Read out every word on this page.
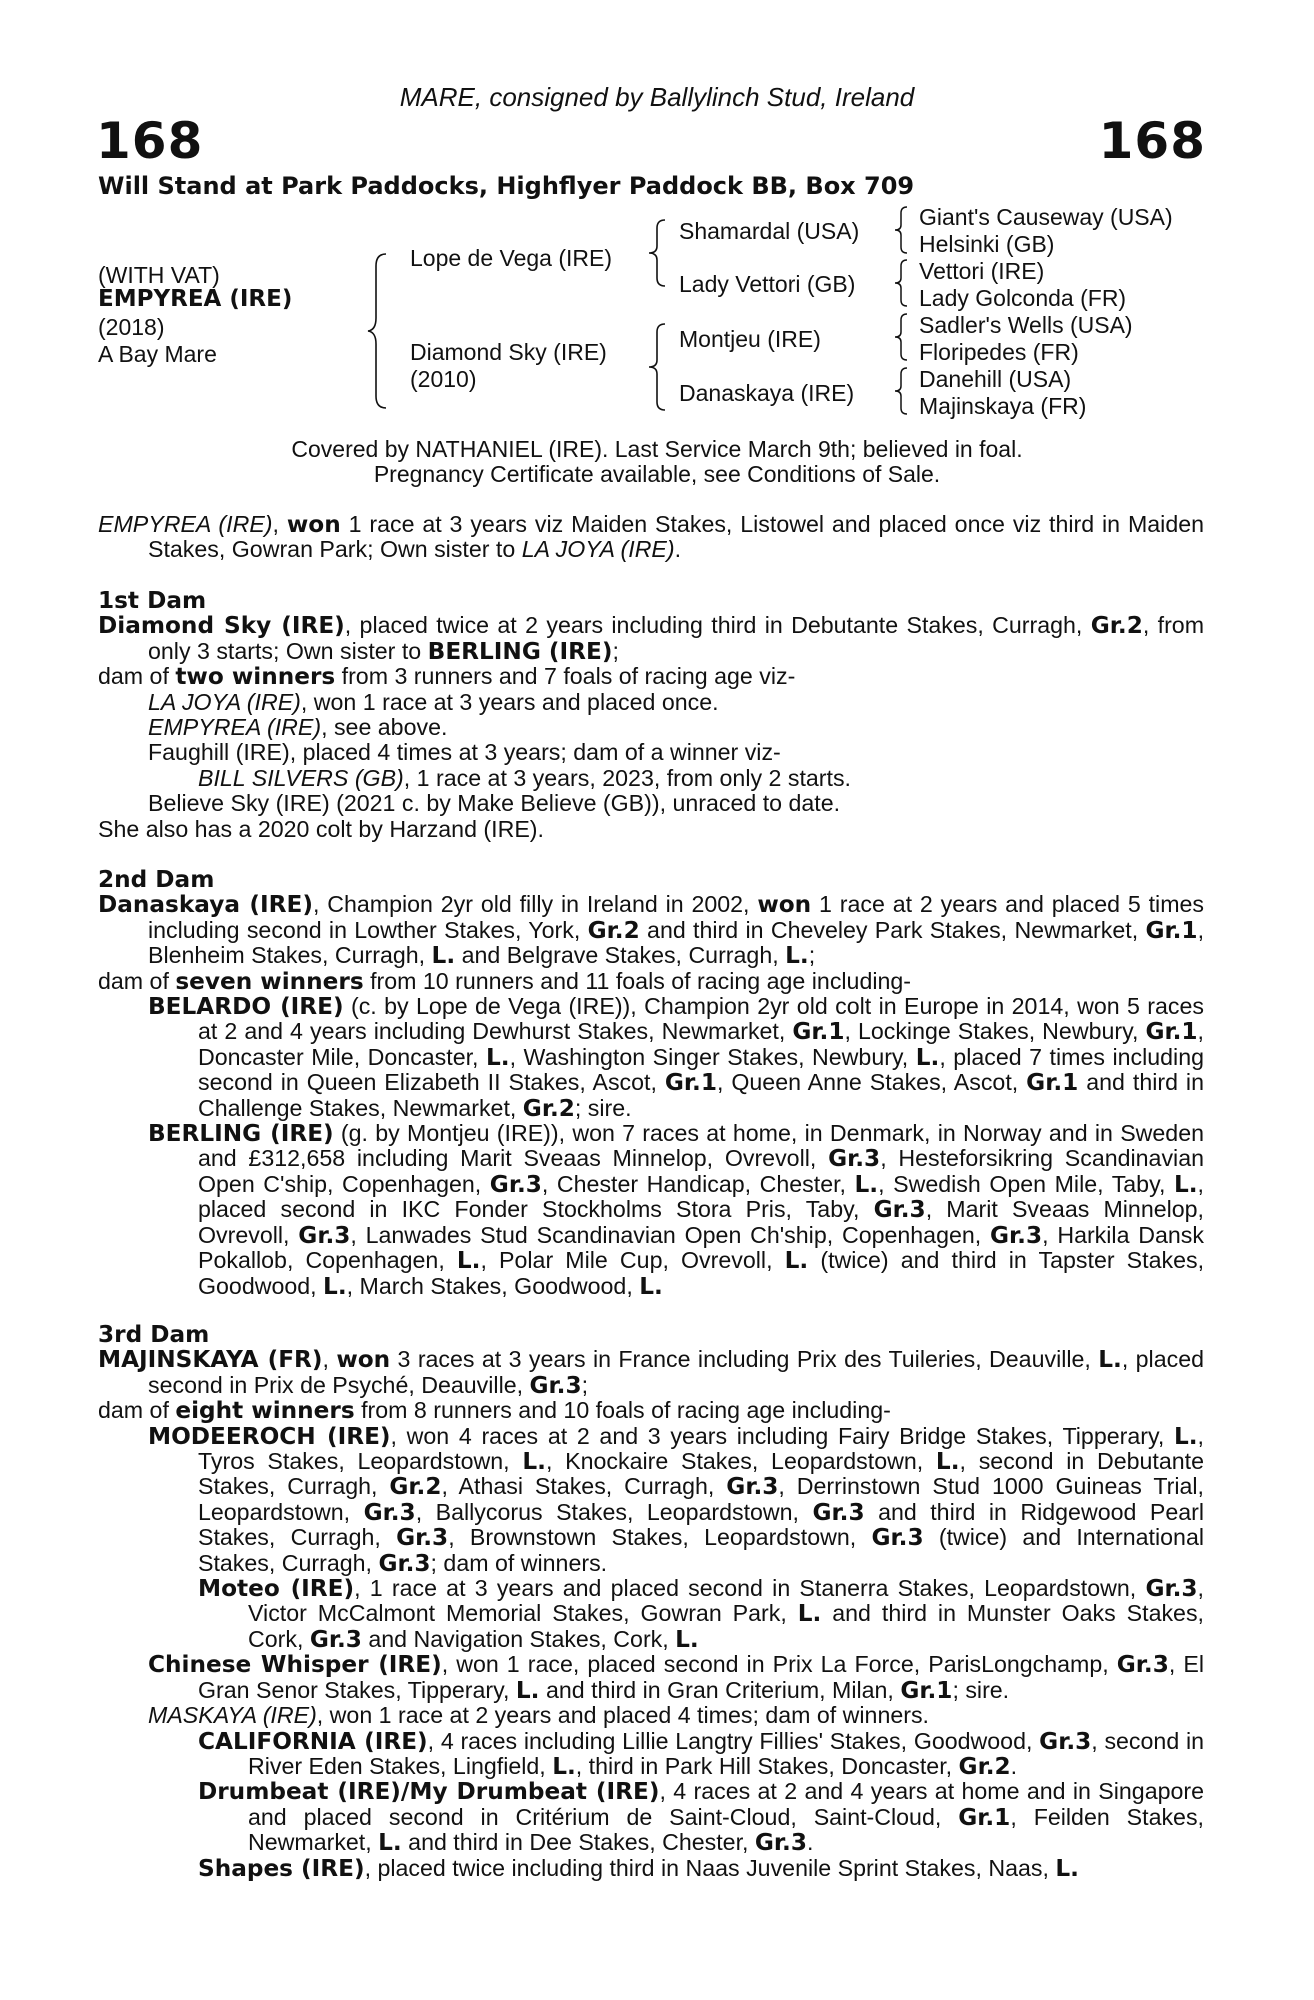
MARE, consigned by Ballylinch Stud, Ireland
168	168
Will Stand at Park Paddocks, Highflyer Paddock BB, Box 709
(WITH VAT)
EMPYREA (IRE)
(2018)
A Bay Mare
Lope de Vega (IRE)
Diamond Sky (IRE)
(2010)
Shamardal (USA)
Lady Vettori (GB)
Montjeu (IRE)
Danaskaya (IRE)
Giant's Causeway (USA)
Helsinki (GB)
Vettori (IRE)
Lady Golconda (FR)
Sadler's Wells (USA)
Floripedes (FR)
Danehill (USA)
Majinskaya (FR)
Covered by NATHANIEL (IRE). Last Service March 9th; believed in foal.
Pregnancy Certificate available, see Conditions of Sale.

EMPYREA (IRE), won 1 race at 3 years viz Maiden Stakes, Listowel and placed once viz third in Maiden Stakes, Gowran Park; Own sister to LA JOYA (IRE).

1st Dam

Diamond Sky (IRE), placed twice at 2 years including third in Debutante Stakes, Curragh, Gr.2, from only 3 starts; Own sister to BERLING (IRE);

dam of two winners from 3 runners and 7 foals of racing age viz-

LA JOYA (IRE), won 1 race at 3 years and placed once.

EMPYREA (IRE), see above.

Faughill (IRE), placed 4 times at 3 years; dam of a winner viz-

BILL SILVERS (GB), 1 race at 3 years, 2023, from only 2 starts.

Believe Sky (IRE) (2021 c. by Make Believe (GB)), unraced to date.

She also has a 2020 colt by Harzand (IRE).

2nd Dam

Danaskaya (IRE), Champion 2yr old filly in Ireland in 2002, won 1 race at 2 years and placed 5 times including second in Lowther Stakes, York, Gr.2 and third in Cheveley Park Stakes, Newmarket, Gr.1, Blenheim Stakes, Curragh, L. and Belgrave Stakes, Curragh, L.;

dam of seven winners from 10 runners and 11 foals of racing age including-

BELARDO (IRE) (c. by Lope de Vega (IRE)), Champion 2yr old colt in Europe in 2014, won 5 races at 2 and 4 years including Dewhurst Stakes, Newmarket, Gr.1, Lockinge Stakes, Newbury, Gr.1, Doncaster Mile, Doncaster, L., Washington Singer Stakes, Newbury, L., placed 7 times including second in Queen Elizabeth II Stakes, Ascot, Gr.1, Queen Anne Stakes, Ascot, Gr.1 and third in Challenge Stakes, Newmarket, Gr.2; sire.

BERLING (IRE) (g. by Montjeu (IRE)), won 7 races at home, in Denmark, in Norway and in Sweden and £312,658 including Marit Sveaas Minnelop, Ovrevoll, Gr.3, Hesteforsikring Scandinavian Open C'ship, Copenhagen, Gr.3, Chester Handicap, Chester, L., Swedish Open Mile, Taby, L., placed second in IKC Fonder Stockholms Stora Pris, Taby, Gr.3, Marit Sveaas Minnelop, Ovrevoll, Gr.3, Lanwades Stud Scandinavian Open Ch'ship, Copenhagen, Gr.3, Harkila Dansk Pokallob, Copenhagen, L., Polar Mile Cup, Ovrevoll, L. (twice) and third in Tapster Stakes, Goodwood, L., March Stakes, Goodwood, L.

3rd Dam

MAJINSKAYA (FR), won 3 races at 3 years in France including Prix des Tuileries, Deauville, L., placed second in Prix de Psyché, Deauville, Gr.3;

dam of eight winners from 8 runners and 10 foals of racing age including-

MODEEROCH (IRE), won 4 races at 2 and 3 years including Fairy Bridge Stakes, Tipperary, L., Tyros Stakes, Leopardstown, L., Knockaire Stakes, Leopardstown, L., second in Debutante Stakes, Curragh, Gr.2, Athasi Stakes, Curragh, Gr.3, Derrinstown Stud 1000 Guineas Trial, Leopardstown, Gr.3, Ballycorus Stakes, Leopardstown, Gr.3 and third in Ridgewood Pearl Stakes, Curragh, Gr.3, Brownstown Stakes, Leopardstown, Gr.3 (twice) and International Stakes, Curragh, Gr.3; dam of winners.

Moteo (IRE), 1 race at 3 years and placed second in Stanerra Stakes, Leopardstown, Gr.3, Victor McCalmont Memorial Stakes, Gowran Park, L. and third in Munster Oaks Stakes, Cork, Gr.3 and Navigation Stakes, Cork, L.

Chinese Whisper (IRE), won 1 race, placed second in Prix La Force, ParisLongchamp, Gr.3, El Gran Senor Stakes, Tipperary, L. and third in Gran Criterium, Milan, Gr.1; sire.

MASKAYA (IRE), won 1 race at 2 years and placed 4 times; dam of winners.

CALIFORNIA (IRE), 4 races including Lillie Langtry Fillies' Stakes, Goodwood, Gr.3, second in River Eden Stakes, Lingfield, L., third in Park Hill Stakes, Doncaster, Gr.2.

Drumbeat (IRE)/My Drumbeat (IRE), 4 races at 2 and 4 years at home and in Singapore and placed second in Critérium de Saint-Cloud, Saint-Cloud, Gr.1, Feilden Stakes, Newmarket, L. and third in Dee Stakes, Chester, Gr.3.

Shapes (IRE), placed twice including third in Naas Juvenile Sprint Stakes, Naas, L.
